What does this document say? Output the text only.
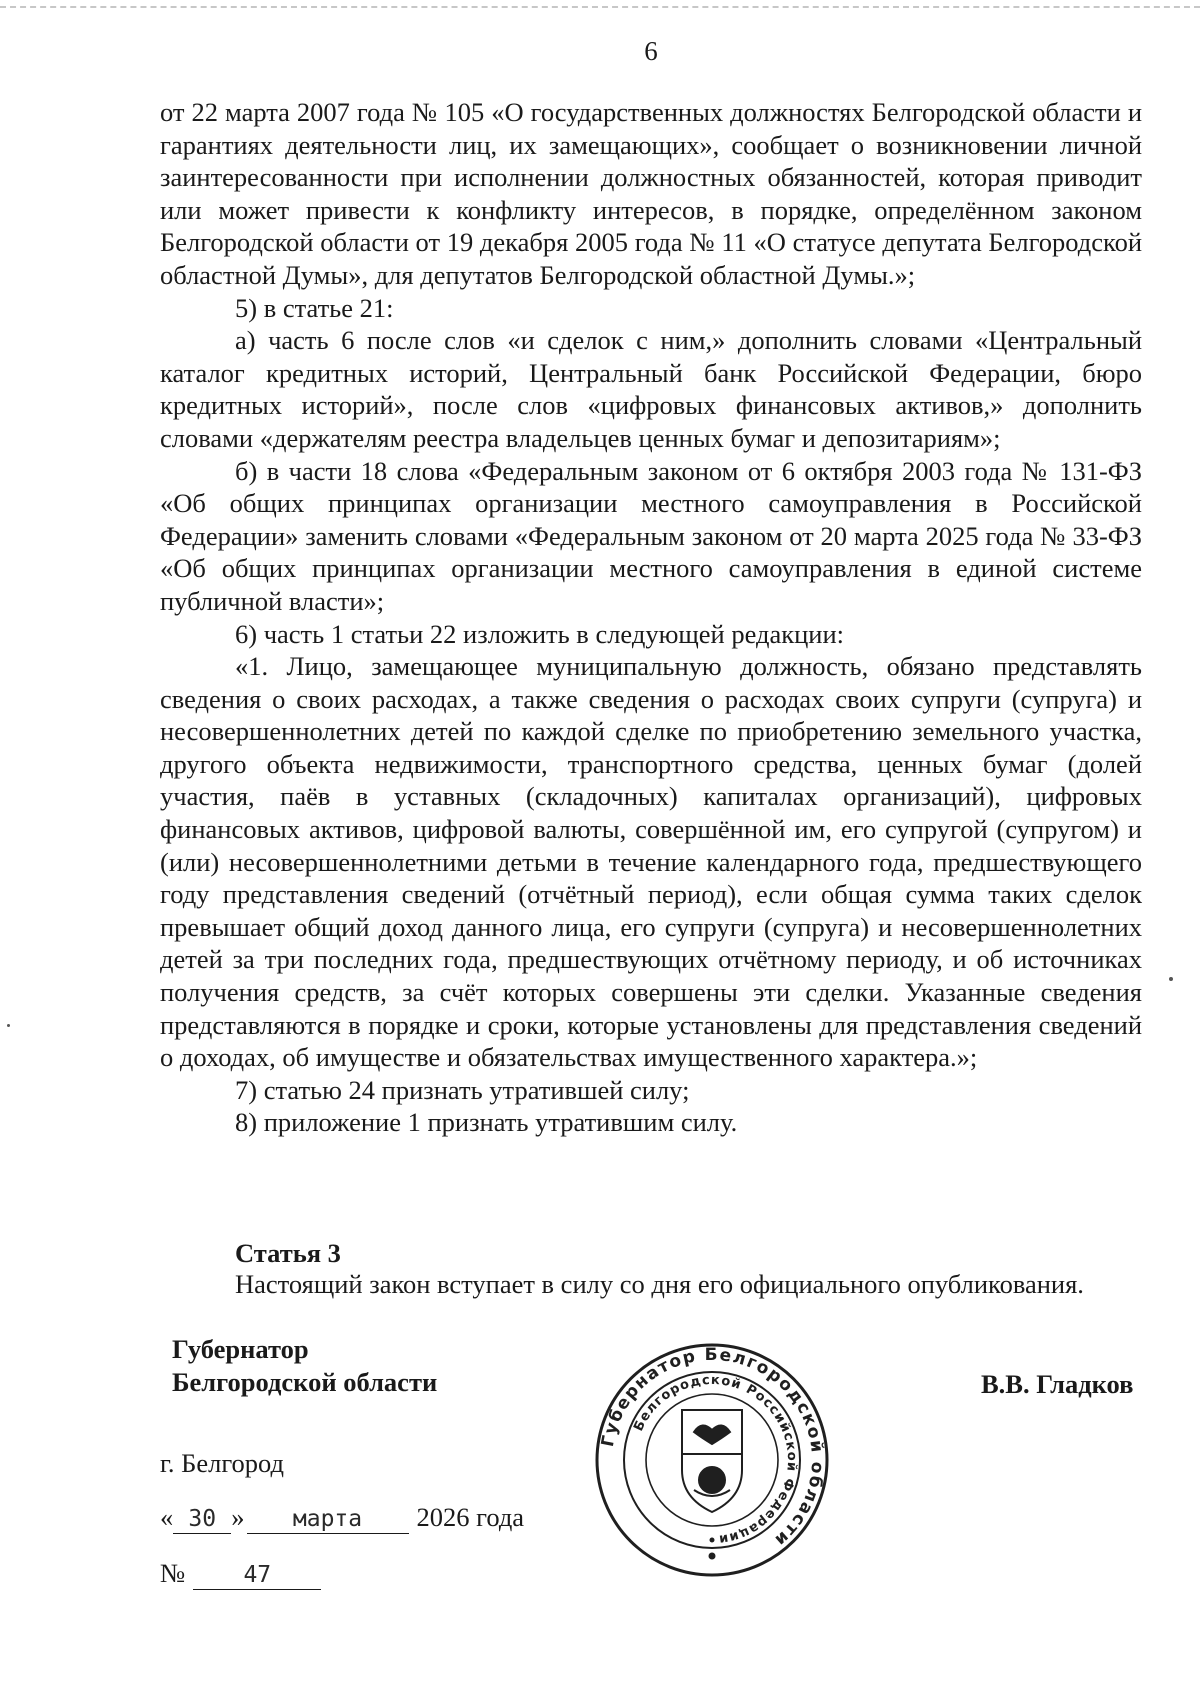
6

от 22 марта 2007 года № 105 «О государственных должностях Белгородской области и гарантиях деятельности лиц, их замещающих», сообщает о возникновении личной заинтересованности при исполнении должностных обязанностей, которая приводит или может привести к конфликту интересов, в порядке, определённом законом Белгородской области от 19 декабря 2005 года № 11 «О статусе депутата Белгородской областной Думы», для депутатов Белгородской областной Думы.»;

5) в статье 21:

а) часть 6 после слов «и сделок с ним,» дополнить словами «Центральный каталог кредитных историй, Центральный банк Российской Федерации, бюро кредитных историй», после слов «цифровых финансовых активов,» дополнить словами «держателям реестра владельцев ценных бумаг и депозитариям»;

б) в части 18 слова «Федеральным законом от 6 октября 2003 года № 131-ФЗ «Об общих принципах организации местного самоуправления в Российской Федерации» заменить словами «Федеральным законом от 20 марта 2025 года № 33-ФЗ «Об общих принципах организации местного самоуправления в единой системе публичной власти»;

6) часть 1 статьи 22 изложить в следующей редакции:

«1. Лицо, замещающее муниципальную должность, обязано представлять сведения о своих расходах, а также сведения о расходах своих супруги (супруга) и несовершеннолетних детей по каждой сделке по приобретению земельного участка, другого объекта недвижимости, транспортного средства, ценных бумаг (долей участия, паёв в уставных (складочных) капиталах организаций), цифровых финансовых активов, цифровой валюты, совершённой им, его супругой (супругом) и (или) несовершеннолетними детьми в течение календарного года, предшествующего году представления сведений (отчётный период), если общая сумма таких сделок превышает общий доход данного лица, его супруги (супруга) и несовершеннолетних детей за три последних года, предшествующих отчётному периоду, и об источниках получения средств, за счёт которых совершены эти сделки. Указанные сведения представляются в порядке и сроки, которые установлены для представления сведений о доходах, об имуществе и обязательствах имущественного характера.»;

7) статью 24 признать утратившей силу;

8) приложение 1 признать утратившим силу.

Статья 3
Настоящий закон вступает в силу со дня его официального опубликования.
Губернатор
Белгородской области	В.В. Гладков
Губернатор Белгородской области
Белгородской Российской Федерации
г. Белгород
« 30 » марта 2026 года
№	47
